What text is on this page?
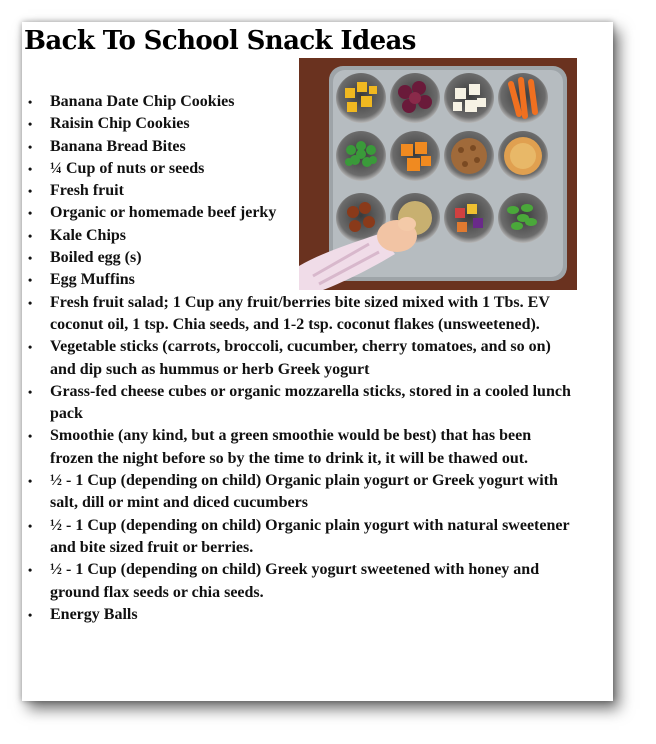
Back To School Snack Ideas
• Banana Date Chip Cookies
• Raisin Chip Cookies
• Banana Bread Bites
• ¼ Cup of nuts or seeds
• Fresh fruit
• Organic or homemade beef jerky
• Kale Chips
• Boiled egg (s)
• Egg Muffins
• Fresh fruit salad; 1 Cup any fruit/berries bite sized mixed with 1 Tbs. EV coconut oil, 1 tsp. Chia seeds, and 1-2 tsp. coconut flakes (unsweetened).
• Vegetable sticks (carrots, broccoli, cucumber, cherry tomatoes, and so on) and dip such as hummus or herb Greek yogurt
• Grass-fed cheese cubes or organic mozzarella sticks, stored in a cooled lunch pack
• Smoothie (any kind, but a green smoothie would be best) that has been frozen the night before so by the time to drink it, it will be thawed out.
• ½ - 1 Cup (depending on child) Organic plain yogurt or Greek yogurt with salt, dill or mint and diced cucumbers
• ½ - 1 Cup (depending on child) Organic plain yogurt with natural sweetener and bite sized fruit or berries.
• ½ - 1 Cup (depending on child) Greek yogurt sweetened with honey and ground flax seeds or chia seeds.
• Energy Balls
